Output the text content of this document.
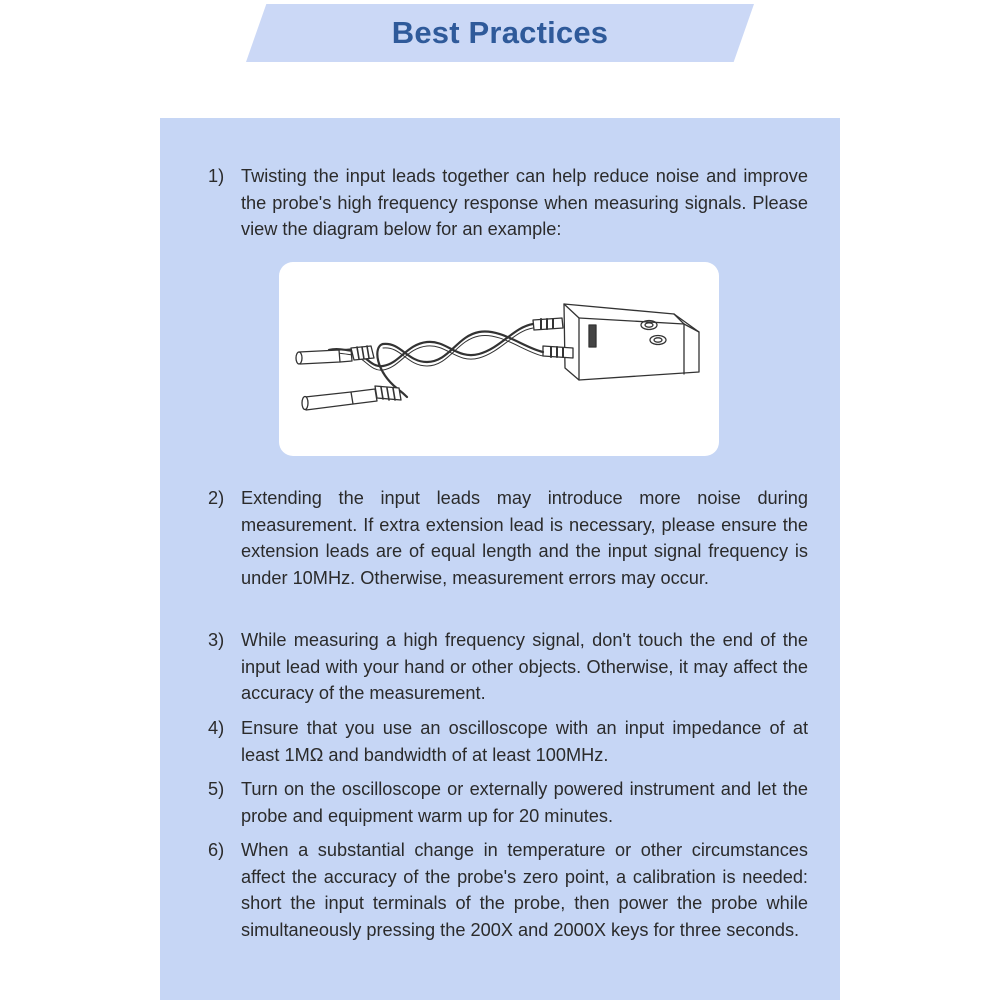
Best Practices
1) Twisting the input leads together can help reduce noise and improve the probe's high frequency response when measuring signals. Please view the diagram below for an example:
2) Extending the input leads may introduce more noise during measurement. If extra extension lead is necessary, please ensure the extension leads are of equal length and the input signal frequency is under 10MHz. Otherwise, measurement errors may occur.
3) While measuring a high frequency signal, don't touch the end of the input lead with your hand or other objects. Otherwise, it may affect the accuracy of the measurement.
4) Ensure that you use an oscilloscope with an input impedance of at least 1MΩ and bandwidth of at least 100MHz.
5) Turn on the oscilloscope or externally powered instrument and let the probe and equipment warm up for 20 minutes.
6) When a substantial change in temperature or other circumstances affect the accuracy of the probe's zero point, a calibration is needed: short the input terminals of the probe, then power the probe while simultaneously pressing the 200X and 2000X keys for three seconds.
